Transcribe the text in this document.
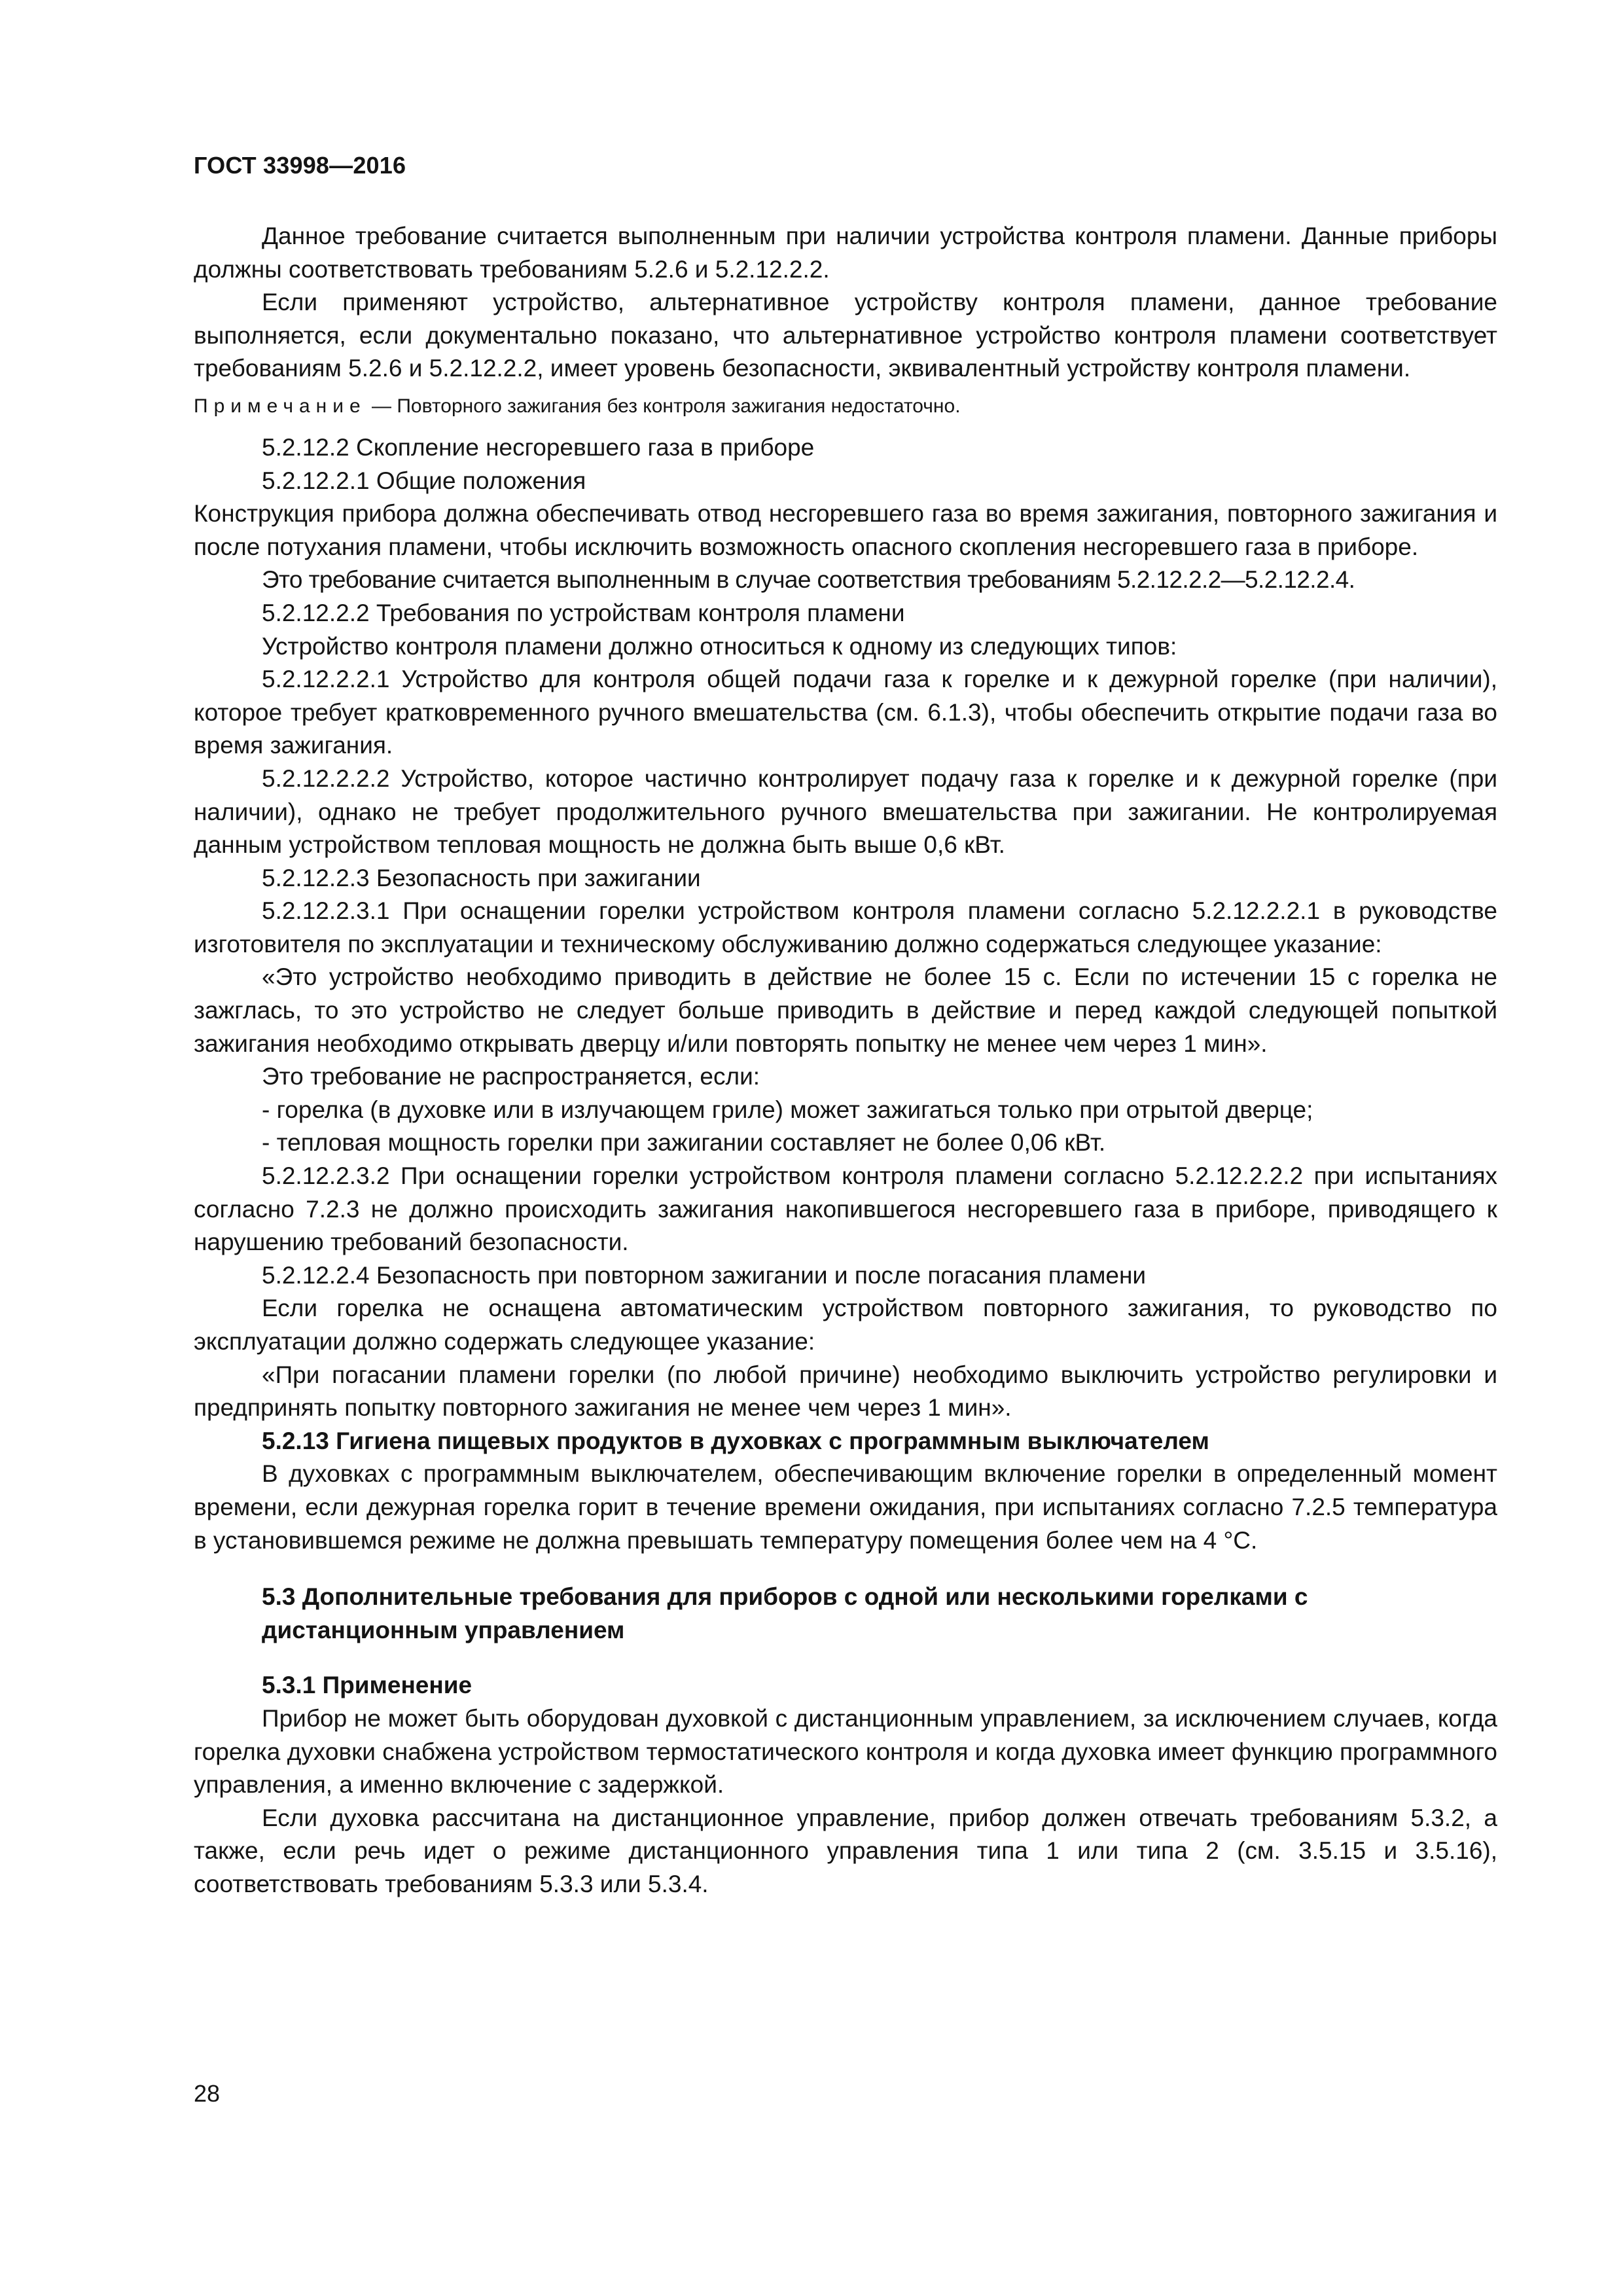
ГОСТ 33998—2016

Данное требование считается выполненным при наличии устройства контроля пламени. Данные приборы должны соответствовать требованиям 5.2.6 и 5.2.12.2.2.

Если применяют устройство, альтернативное устройству контроля пламени, данное требование выполняется, если документально показано, что альтернативное устройство контроля пламени соответствует требованиям 5.2.6 и 5.2.12.2.2, имеет уровень безопасности, эквивалентный устройству контроля пламени.

Примечание — Повторного зажигания без контроля зажигания недостаточно.

5.2.12.2 Скопление несгоревшего газа в приборе

5.2.12.2.1 Общие положения

Конструкция прибора должна обеспечивать отвод несгоревшего газа во время зажигания, повторного зажигания и после потухания пламени, чтобы исключить возможность опасного скопления несгоревшего газа в приборе.

Это требование считается выполненным в случае соответствия требованиям 5.2.12.2.2—5.2.12.2.4.

5.2.12.2.2 Требования по устройствам контроля пламени

Устройство контроля пламени должно относиться к одному из следующих типов:

5.2.12.2.2.1 Устройство для контроля общей подачи газа к горелке и к дежурной горелке (при наличии), которое требует кратковременного ручного вмешательства (см. 6.1.3), чтобы обеспечить открытие подачи газа во время зажигания.

5.2.12.2.2.2 Устройство, которое частично контролирует подачу газа к горелке и к дежурной горелке (при наличии), однако не требует продолжительного ручного вмешательства при зажигании. Не контролируемая данным устройством тепловая мощность не должна быть выше 0,6 кВт.

5.2.12.2.3 Безопасность при зажигании

5.2.12.2.3.1 При оснащении горелки устройством контроля пламени согласно 5.2.12.2.2.1 в руководстве изготовителя по эксплуатации и техническому обслуживанию должно содержаться следующее указание:

«Это устройство необходимо приводить в действие не более 15 с. Если по истечении 15 с горелка не зажглась, то это устройство не следует больше приводить в действие и перед каждой следующей попыткой зажигания необходимо открывать дверцу и/или повторять попытку не менее чем через 1 мин».

Это требование не распространяется, если:

- горелка (в духовке или в излучающем гриле) может зажигаться только при отрытой дверце;

- тепловая мощность горелки при зажигании составляет не более 0,06 кВт.

5.2.12.2.3.2 При оснащении горелки устройством контроля пламени согласно 5.2.12.2.2.2 при испытаниях согласно 7.2.3 не должно происходить зажигания накопившегося несгоревшего газа в приборе, приводящего к нарушению требований безопасности.

5.2.12.2.4 Безопасность при повторном зажигании и после погасания пламени

Если горелка не оснащена автоматическим устройством повторного зажигания, то руководство по эксплуатации должно содержать следующее указание:

«При погасании пламени горелки (по любой причине) необходимо выключить устройство регулировки и предпринять попытку повторного зажигания не менее чем через 1 мин».

5.2.13 Гигиена пищевых продуктов в духовках с программным выключателем

В духовках с программным выключателем, обеспечивающим включение горелки в определенный момент времени, если дежурная горелка горит в течение времени ожидания, при испытаниях согласно 7.2.5 температура в установившемся режиме не должна превышать температуру помещения более чем на 4 °С.

5.3 Дополнительные требования для приборов с одной или несколькими горелками с дистанционным управлением

5.3.1 Применение

Прибор не может быть оборудован духовкой с дистанционным управлением, за исключением случаев, когда горелка духовки снабжена устройством термостатического контроля и когда духовка имеет функцию программного управления, а именно включение с задержкой.

Если духовка рассчитана на дистанционное управление, прибор должен отвечать требованиям 5.3.2, а также, если речь идет о режиме дистанционного управления типа 1 или типа 2 (см. 3.5.15 и 3.5.16), соответствовать требованиям 5.3.3 или 5.3.4.

28
